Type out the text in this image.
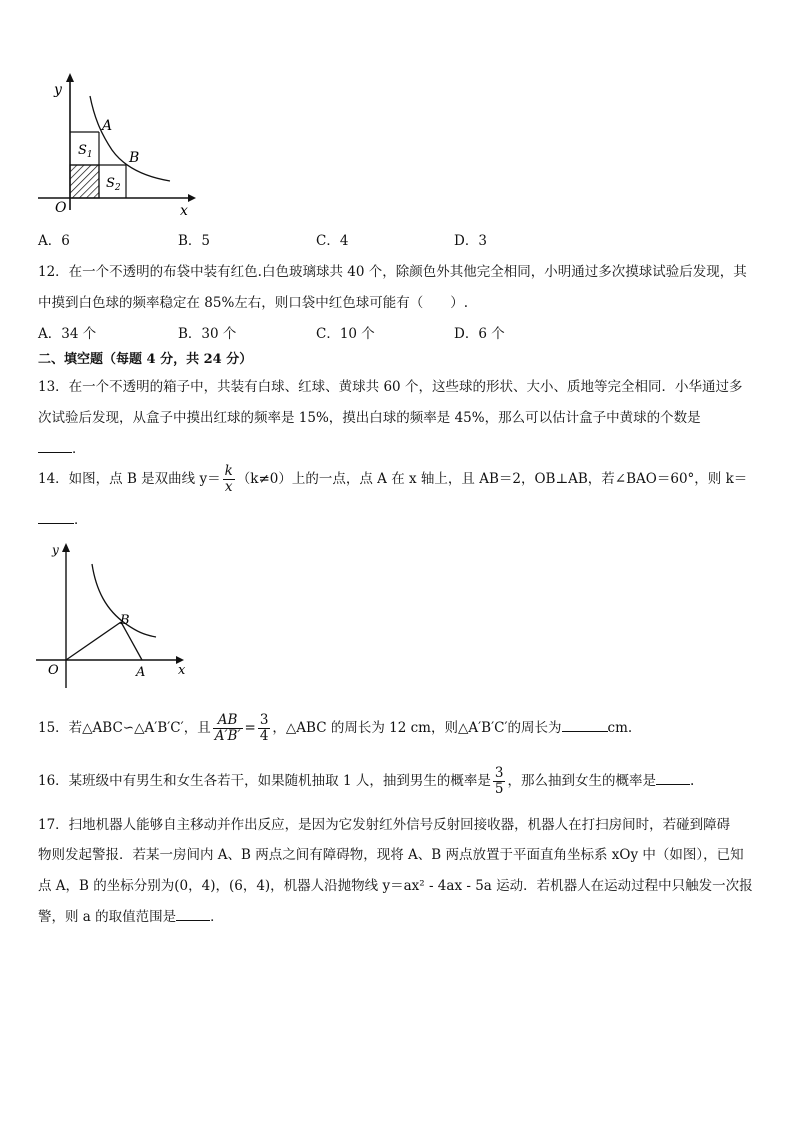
y
x
O
A
B
$S_1$
$S_2$
A．6	B．5	C．4	D．3
12．在一个不透明的布袋中装有红色.白色玻璃球共 40 个，除颜色外其他完全相同，小明通过多次摸球试验后发现，其
中摸到白色球的频率稳定在 85%左右，则口袋中红色球可能有（　　）.
A．34 个	B．30 个	C．10 个	D．6 个
二、填空题（每题 4 分，共 24 分）
13．在一个不透明的箱子中，共装有白球、红球、黄球共 60 个，这些球的形状、大小、质地等完全相同．小华通过多
次试验后发现，从盒子中摸出红球的频率是 15%，摸出白球的频率是 45%，那么可以估计盒子中黄球的个数是
．
14．如图，点 B 是双曲线 $y= \frac{k}{x} (k\ne 0)$上的一点，点 A 在 x 轴上，且 AB＝2，OB⊥AB，若∠BAO＝60°，则 k＝
．
y
x
O	A
B
15．若△ABC∽△A′B′C′，且 $\frac{AB}{A'B'} = \frac{3}{4}$ ，△ABC 的周长为 12 cm，则△A′B′C′的周长为	cm.
16．某班级中有男生和女生各若干，如果随机抽取 1 人，抽到男生的概率是 $\frac{3}{5}$ ，那么抽到女生的概率是	.
17．扫地机器人能够自主移动并作出反应，是因为它发射红外信号反射回接收器，机器人在打扫房间时，若碰到障碍
物则发起警报．若某一房间内 A、B 两点之间有障碍物，现将 A、B 两点放置于平面直角坐标系 xOy 中（如图），已知
点 A，B 的坐标分别为(0，4)，(6，4)，机器人沿抛物线 y＝ax² - 4ax - 5a 运动．若机器人在运动过程中只触发一次报
警，则 a 的取值范围是	．
